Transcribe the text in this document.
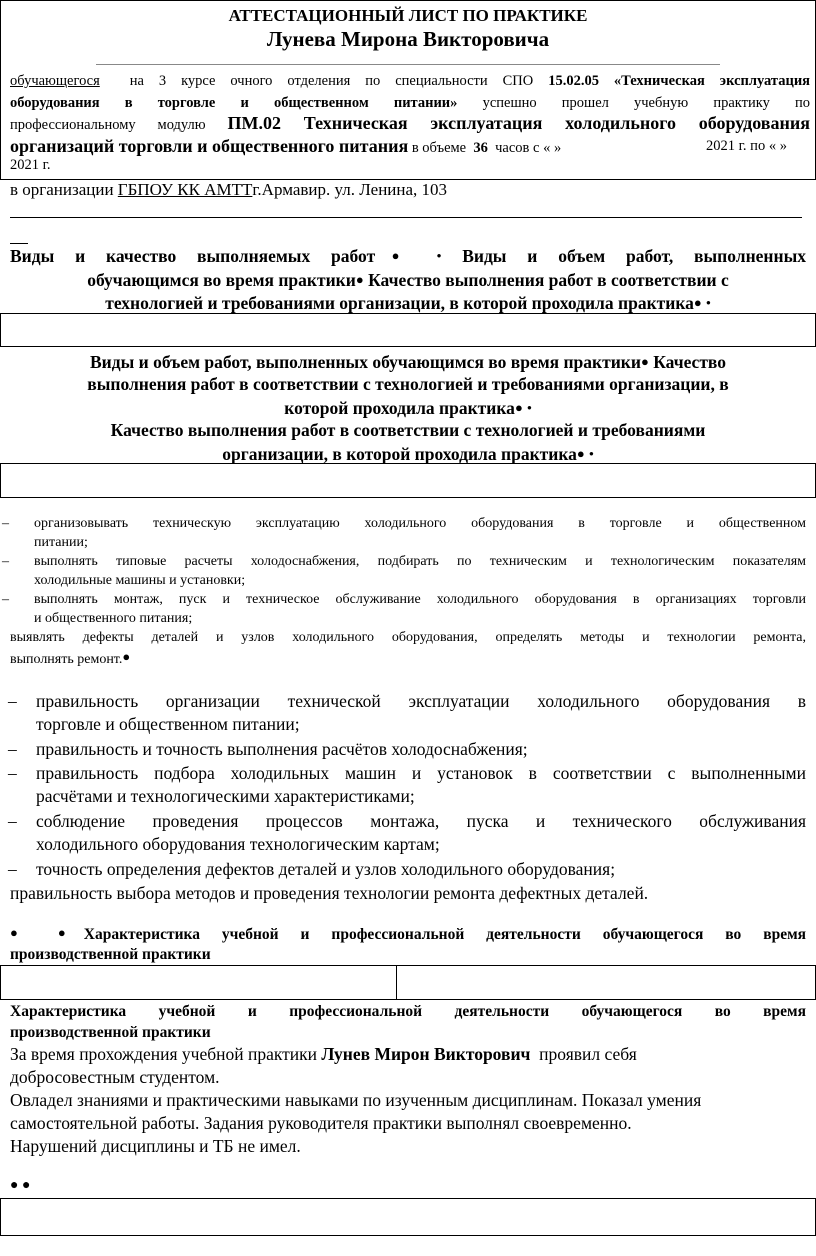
АТТЕСТАЦИОННЫЙ ЛИСТ ПО ПРАКТИКЕ
Лунева Мирона Викторовича
обучающегося на 3 курсе очного отделения по специальности СПО 15.02.05 «Техническая эксплуатация
оборудования в торговле и общественном питании» успешно прошел учебную практику по
профессиональному модулю ПМ.02 Техническая эксплуатация холодильного оборудования
организаций торговли и общественного питания в объеме 36 часов с « »	2021 г. по « »
2021 г.
в организации ГБПОУ КК АМТТг.Армавир. ул. Ленина, 103
Виды и качество выполняемых работ● • Виды и объем работ, выполненных
обучающимся во время практики● Качество выполнения работ в соответствии с
технологией и требованиями организации, в которой проходила практика● •
Виды и объем работ, выполненных обучающимся во время практики● Качество
выполнения работ в соответствии с технологией и требованиями организации, в
которой проходила практика● •
Качество выполнения работ в соответствии с технологией и требованиями
организации, в которой проходила практика● •
– организовывать техническую эксплуатацию холодильного оборудования в торговле и общественном
питании;
– выполнять типовые расчеты холодоснабжения, подбирать по техническим и технологическим показателям
холодильные машины и установки;
– выполнять монтаж, пуск и техническое обслуживание холодильного оборудования в организациях торговли
и общественного питания;
выявлять дефекты деталей и узлов холодильного оборудования, определять методы и технологии ремонта,
выполнять ремонт.●
– правильность организации технической эксплуатации холодильного оборудования в
торговле и общественном питании;
– правильность и точность выполнения расчётов холодоснабжения;
– правильность подбора холодильных машин и установок в соответствии с выполненными
расчётами и технологическими характеристиками;
– соблюдение проведения процессов монтажа, пуска и технического обслуживания
холодильного оборудования технологическим картам;
– точность определения дефектов деталей и узлов холодильного оборудования;
правильность выбора методов и проведения технологии ремонта дефектных деталей.
● ●Характеристика учебной и профессиональной деятельности обучающегося во время
производственной практики
Характеристика учебной и профессиональной деятельности обучающегося во время
производственной практики
За время прохождения учебной практики Лунев Мирон Викторович проявил себя
добросовестным студентом.
Овладел знаниями и практическими навыками по изученным дисциплинам. Показал умения
самостоятельной работы. Задания руководителя практики выполнял своевременно.
Нарушений дисциплины и ТБ не имел.
● ●
